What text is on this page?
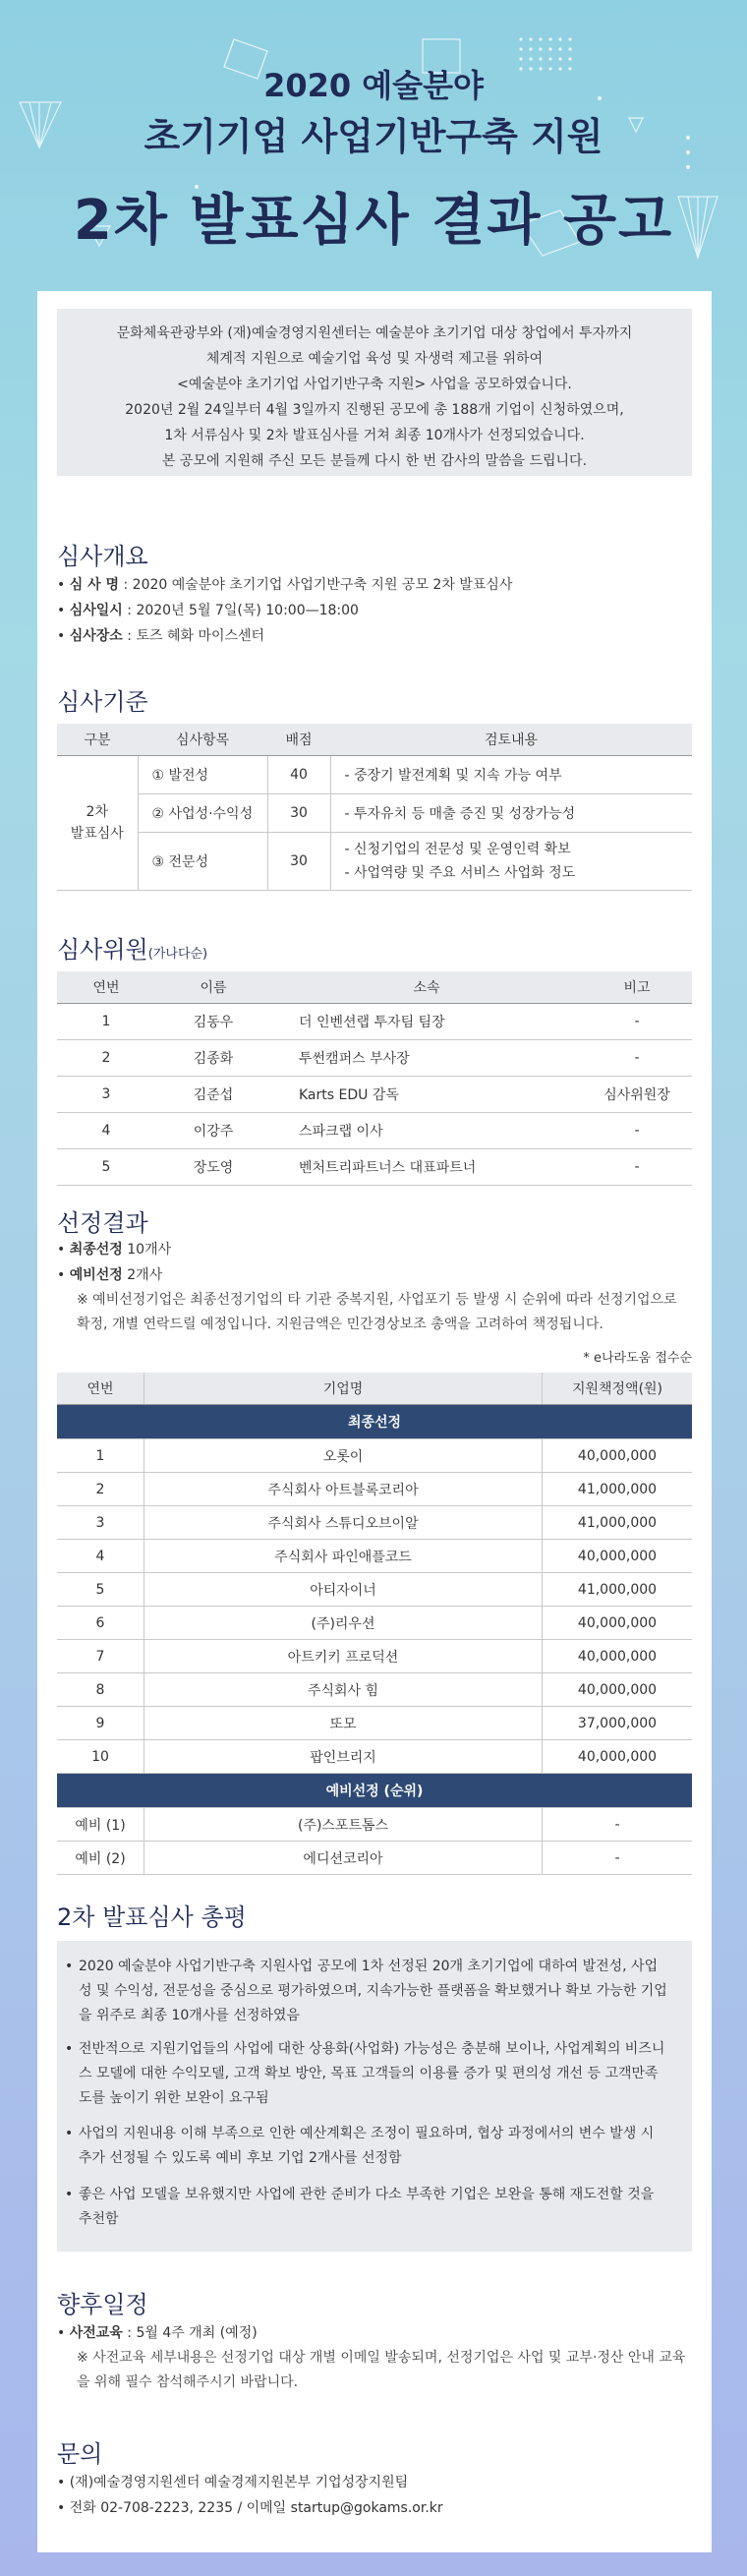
2020 예술분야
초기기업 사업기반구축 지원
2차 발표심사 결과 공고
문화체육관광부와 (재)예술경영지원센터는 예술분야 초기기업 대상 창업에서 투자까지
체계적 지원으로 예술기업 육성 및 자생력 제고를 위하여
<예술분야 초기기업 사업기반구축 지원> 사업을 공모하였습니다.
2020년 2월 24일부터 4월 3일까지 진행된 공모에 총 188개 기업이 신청하였으며,
1차 서류심사 및 2차 발표심사를 거쳐 최종 10개사가 선정되었습니다.
본 공모에 지원해 주신 모든 분들께 다시 한 번 감사의 말씀을 드립니다.
심사개요
• 심 사 명 : 2020 예술분야 초기기업 사업기반구축 지원 공모 2차 발표심사
• 심사일시 : 2020년 5월 7일(목) 10:00—18:00
• 심사장소 : 토즈 혜화 마이스센터
심사기준
구분	심사항목	배점	검토내용

2차
발표심사	① 발전성	40	- 중장기 발전계획 및 지속 가능 여부
	② 사업성·수익성	30	- 투자유치 등 매출 증진 및 성장가능성
	③ 전문성	30	- 신청기업의 전문성 및 운영인력 확보
- 사업역량 및 주요 서비스 사업화 정도
심사위원(가나다순)
연번	이름	소속	비고
1	김동우	더 인벤션랩 투자팀 팀장	-
2	김종화	투썬캠퍼스 부사장	-
3	김준섭	Karts EDU 감독	심사위원장
4	이강주	스파크랩 이사	-
5	장도영	벤처트리파트너스 대표파트너	-
선정결과
• 최종선정 10개사
• 예비선정 2개사
※ 예비선정기업은 최종선정기업의 타 기관 중복지원, 사업포기 등 발생 시 순위에 따라 선정기업으로 확정, 개별 연락드릴 예정입니다. 지원금액은 민간경상보조 총액을 고려하여 책정됩니다.
* e나라도움 접수순
연번	기업명	지원책정액(원)
최종선정		
1	오롯이	40,000,000
2	주식회사 아트블록코리아	41,000,000
3	주식회사 스튜디오브이알	41,000,000
4	주식회사 파인애플코드	40,000,000
5	아티자이너	41,000,000
6	(주)리우션	40,000,000
7	아트키키 프로덕션	40,000,000
8	주식회사 힘	40,000,000
9	또모	37,000,000
10	팝인브리지	40,000,000
예비선정 (순위)		
예비 (1)	(주)스포트톰스	-
예비 (2)	에디션코리아	-
2차 발표심사 총평
• 2020 예술분야 사업기반구축 지원사업 공모에 1차 선정된 20개 초기기업에 대하여 발전성, 사업성 및 수익성, 전문성을 중심으로 평가하였으며, 지속가능한 플랫폼을 확보했거나 확보 가능한 기업을 위주로 최종 10개사를 선정하였음
• 전반적으로 지원기업들의 사업에 대한 상용화(사업화) 가능성은 충분해 보이나, 사업계획의 비즈니스 모델에 대한 수익모델, 고객 확보 방안, 목표 고객들의 이용률 증가 및 편의성 개선 등 고객만족도를 높이기 위한 보완이 요구됨
• 사업의 지원내용 이해 부족으로 인한 예산계획은 조정이 필요하며, 협상 과정에서의 변수 발생 시 추가 선정될 수 있도록 예비 후보 기업 2개사를 선정함
• 좋은 사업 모델을 보유했지만 사업에 관한 준비가 다소 부족한 기업은 보완을 통해 재도전할 것을 추천함
향후일정
• 사전교육 : 5월 4주 개최 (예정)
※ 사전교육 세부내용은 선정기업 대상 개별 이메일 발송되며, 선정기업은 사업 및 교부·정산 안내 교육을 위해 필수 참석해주시기 바랍니다.
문의
• (재)예술경영지원센터 예술경제지원본부 기업성장지원팀
• 전화 02-708-2223, 2235 / 이메일 startup@gokams.or.kr
